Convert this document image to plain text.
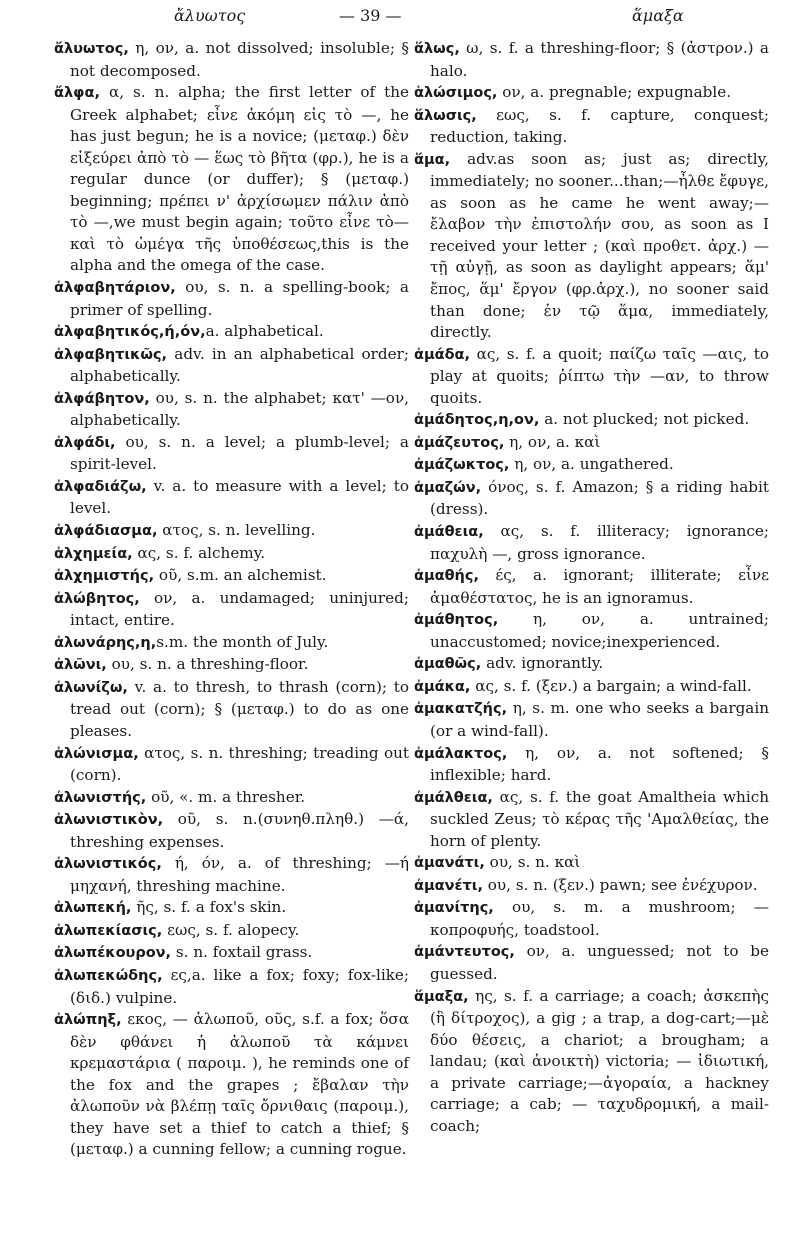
ἄλυωτος	— 39 —	ἅμαξα

ἄλυωτος, η, ον, a. not dissolved; insoluble; § not decomposed.

ἄλφα, α, s. n. alpha; the first letter of the Greek alphabet; εἶνε ἀκόμη εἰς τὸ —, he has just begun; he is a novice; (μεταφ.) δὲν εἰξεύρει ἀπὸ τὸ — ἕως τὸ βῆτα (φρ.), he is a regular dunce (or duffer); § (μεταφ.) beginning; πρέπει ν' ἀρχίσωμεν πάλιν ἀπὸ τὸ —,we must begin again; τοῦτο εἶνε τὸ—καὶ τὸ ὠμέγα τῆς ὑποθέσεως,this is the alpha and the omega of the case.

ἀλφαβητάριον, ου, s. n. a spelling-book; a primer of spelling.

ἀλφαβητικός,ή,όν,a. alphabetical.

ἀλφαβητικῶς, adv. in an alphabetical order; alphabetically.

ἀλφάβητον, ου, s. n. the alphabet; κατ' —ον, alphabetically.

ἀλφάδι, ου, s. n. a level; a plumb-level; a spirit-level.

ἀλφαδιάζω, v. a. to measure with a level; to level.

ἀλφάδιασμα, ατος, s. n. levelling.

ἀλχημεία, ας, s. f. alchemy.

ἀλχημιστής, οῦ, s.m. an alchemist.

ἀλώβητος, ον, a. undamaged; uninjured; intact, entire.

ἀλωνάρης,η,s.m. the month of July.

ἀλῶνι, ου, s. n. a threshing-floor.

ἀλωνίζω, v. a. to thresh, to thrash (corn); to tread out (corn); § (μεταφ.) to do as one pleases.

ἀλώνισμα, ατος, s. n. threshing; treading out (corn).

ἀλωνιστής, οῦ, «. m. a thresher.

ἀλωνιστικὸν, οῦ, s. n.(συνηθ.πληθ.) —ά, threshing expenses.

ἀλωνιστικός, ή, όν, a. of threshing; —ή μηχανή, threshing machine.

ἀλωπεκή, ῆς, s. f. a fox's skin.

ἀλωπεκίασις, εως, s. f. alopecy.

ἀλωπέκουρον, s. n. foxtail grass.

ἀλωπεκώδης, ες,a. like a fox; foxy; fox-like; (διδ.) vulpine.

ἀλώπηξ, εκος, — ἀλωποῦ, οῦς, s.f. a fox; ὅσα δὲν φθάνει ἡ ἀλωποῦ τὰ κάμνει κρεμαστάρια ( παροιμ. ), he reminds one of the fox and the grapes ; ἔβαλαν τὴν ἀλωποῦν νὰ βλέπῃ ταῖς ὄρνιθαις (παροιμ.), they have set a thief to catch a thief; § (μεταφ.) a cunning fellow; a cunning rogue.

ἅλως, ω, s. f. a threshing-floor; § (ἀστρον.) a halo.

ἁλώσιμος, ον, a. pregnable; expugnable.

ἅλωσις, εως, s. f. capture, conquest; reduction, taking.

ἅμα, adv.as soon as; just as; directly, immediately; no sooner...than;—ἦλθε ἔφυγε, as soon as he came he went away;— ἔλαβον τὴν ἐπιστολήν σου, as soon as I received your letter ; (καὶ προθετ. ἀρχ.) — τῇ αὐγῇ, as soon as daylight appears; ἅμ' ἔπος, ἅμ' ἔργον (φρ.ἀρχ.), no sooner said than done; ἐν τῷ ἅμα, immediately, directly.

ἀμάδα, ας, s. f. a quoit; παίζω ταῖς —αις, to play at quoits; ῥίπτω τὴν —αν, to throw quoits.

ἀμάδητος,η,ον, a. not plucked; not picked.

ἀμάζευτος, η, ον, a. καὶ

ἀμάζωκτος, η, ον, a. ungathered.

ἀμαζών, όνος, s. f. Amazon; § a riding habit (dress).

ἀμάθεια, ας, s. f. illiteracy; ignorance; παχυλὴ —, gross ignorance.

ἀμαθής, ές, a. ignorant; illiterate; εἶνε ἀμαθέστατος, he is an ignoramus.

ἀμάθητος, η, ον, a. untrained; unaccustomed; novice;inexperienced.

ἀμαθῶς, adv. ignorantly.

ἀμάκα, ας, s. f. (ξεν.) a bargain; a wind-fall.

ἀμακατζής, η, s. m. one who seeks a bargain (or a wind-fall).

ἀμάλακτος, η, ον, a. not softened; § inflexible; hard.

ἀμάλθεια, ας, s. f. the goat Amaltheia which suckled Zeus; τὸ κέρας τῆς 'Αμαλθείας, the horn of plenty.

ἀμανάτι, ου, s. n. καὶ

ἀμανέτι, ου, s. n. (ξεν.) pawn; see ἐνέχυρον.

ἀμανίτης, ου, s. m. a mushroom; —κοπροφυής, toadstool.

ἀμάντευτος, ον, a. unguessed; not to be guessed.

ἅμαξα, ης, s. f. a carriage; a coach; ἀσκεπὴς (ἢ δίτροχος), a gig ; a trap, a dog-cart;—μὲ δύο θέσεις, a chariot; a brougham; a landau; (καὶ ἀνοικτὴ) victoria; — ἰδιωτική, a private carriage;—ἀγοραία, a hackney carriage; a cab; — ταχυδρομική, a mail-coach;
